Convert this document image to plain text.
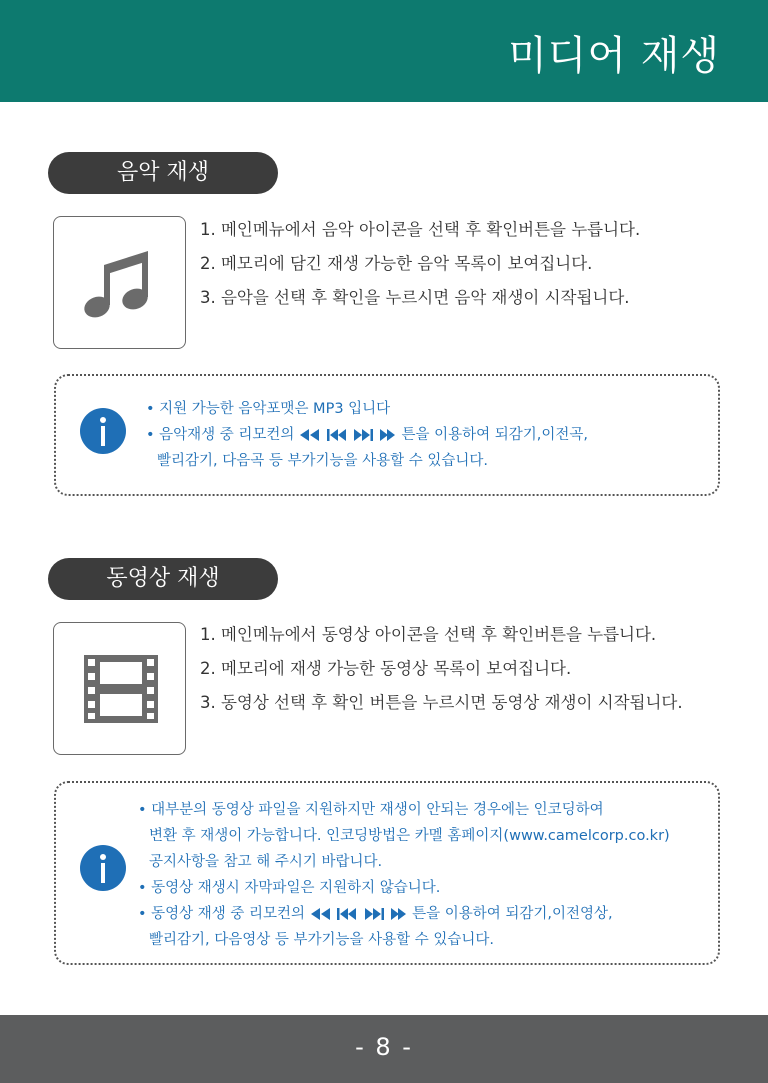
미디어 재생
음악 재생
1. 메인메뉴에서 음악 아이콘을 선택 후 확인버튼을 누릅니다.
2. 메모리에 담긴 재생 가능한 음악 목록이 보여집니다.
3. 음악을 선택 후 확인을 누르시면 음악 재생이 시작됩니다.
• 지원 가능한 음악포맷은 MP3 입니다
• 음악재생 중 리모컨의	튼을 이용하여 되감기,이전곡,
빨리감기, 다음곡 등 부가기능을 사용할 수 있습니다.
동영상 재생
1. 메인메뉴에서 동영상 아이콘을 선택 후 확인버튼을 누릅니다.
2. 메모리에 재생 가능한 동영상 목록이 보여집니다.
3. 동영상 선택 후 확인 버튼을 누르시면 동영상 재생이 시작됩니다.
• 대부분의 동영상 파일을 지원하지만 재생이 안되는 경우에는 인코딩하여
변환 후 재생이 가능합니다. 인코딩방법은 카멜 홈페이지(www.camelcorp.co.kr)
공지사항을 참고 해 주시기 바랍니다.
• 동영상 재생시 자막파일은 지원하지 않습니다.
• 동영상 재생 중 리모컨의	튼을 이용하여 되감기,이전영상,
빨리감기, 다음영상 등 부가기능을 사용할 수 있습니다.
- 8 -
